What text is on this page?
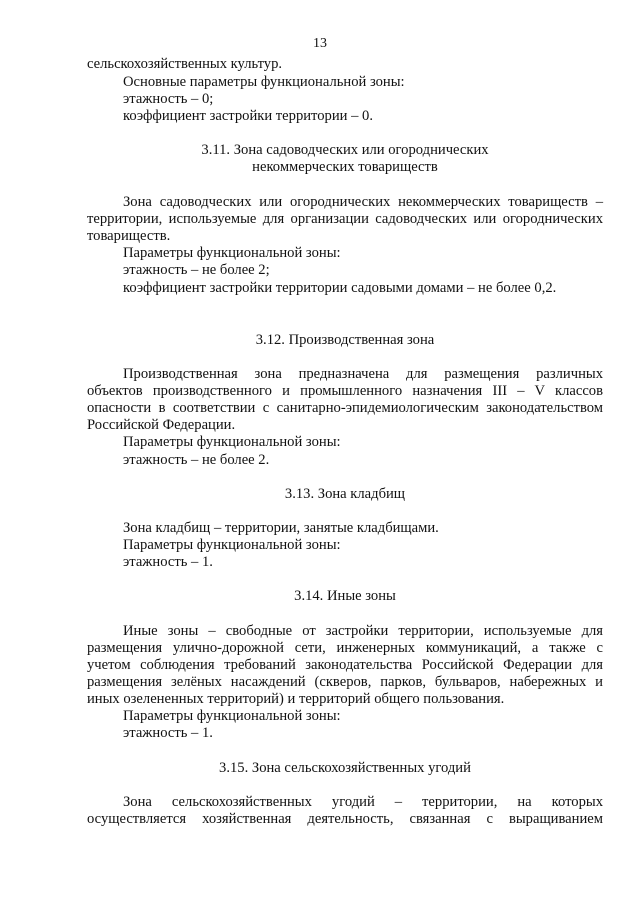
13

сельскохозяйственных культур.

Основные параметры функциональной зоны:

этажность – 0;

коэффициент застройки территории – 0.

3.11. Зона садоводческих или огороднических

некоммерческих товариществ

Зона садоводческих или огороднических некоммерческих товариществ –

территории, используемые для организации садоводческих или огороднических

товариществ.

Параметры функциональной зоны:

этажность – не более 2;

коэффициент застройки территории садовыми домами – не более 0,2.

3.12. Производственная зона

Производственная зона предназначена для размещения различных

объектов производственного и промышленного назначения III – V классов

опасности в соответствии с санитарно-эпидемиологическим законодательством

Российской Федерации.

Параметры функциональной зоны:

этажность – не более 2.

3.13. Зона кладбищ

Зона кладбищ – территории, занятые кладбищами.

Параметры функциональной зоны:

этажность – 1.

3.14. Иные зоны

Иные зоны – свободные от застройки территории, используемые для

размещения улично-дорожной сети, инженерных коммуникаций, а также с

учетом соблюдения требований законодательства Российской Федерации для

размещения зелёных насаждений (скверов, парков, бульваров, набережных и

иных озелененных территорий) и территорий общего пользования.

Параметры функциональной зоны:

этажность – 1.

3.15. Зона сельскохозяйственных угодий

Зона сельскохозяйственных угодий – территории, на которых

осуществляется хозяйственная деятельность, связанная с выращиванием
